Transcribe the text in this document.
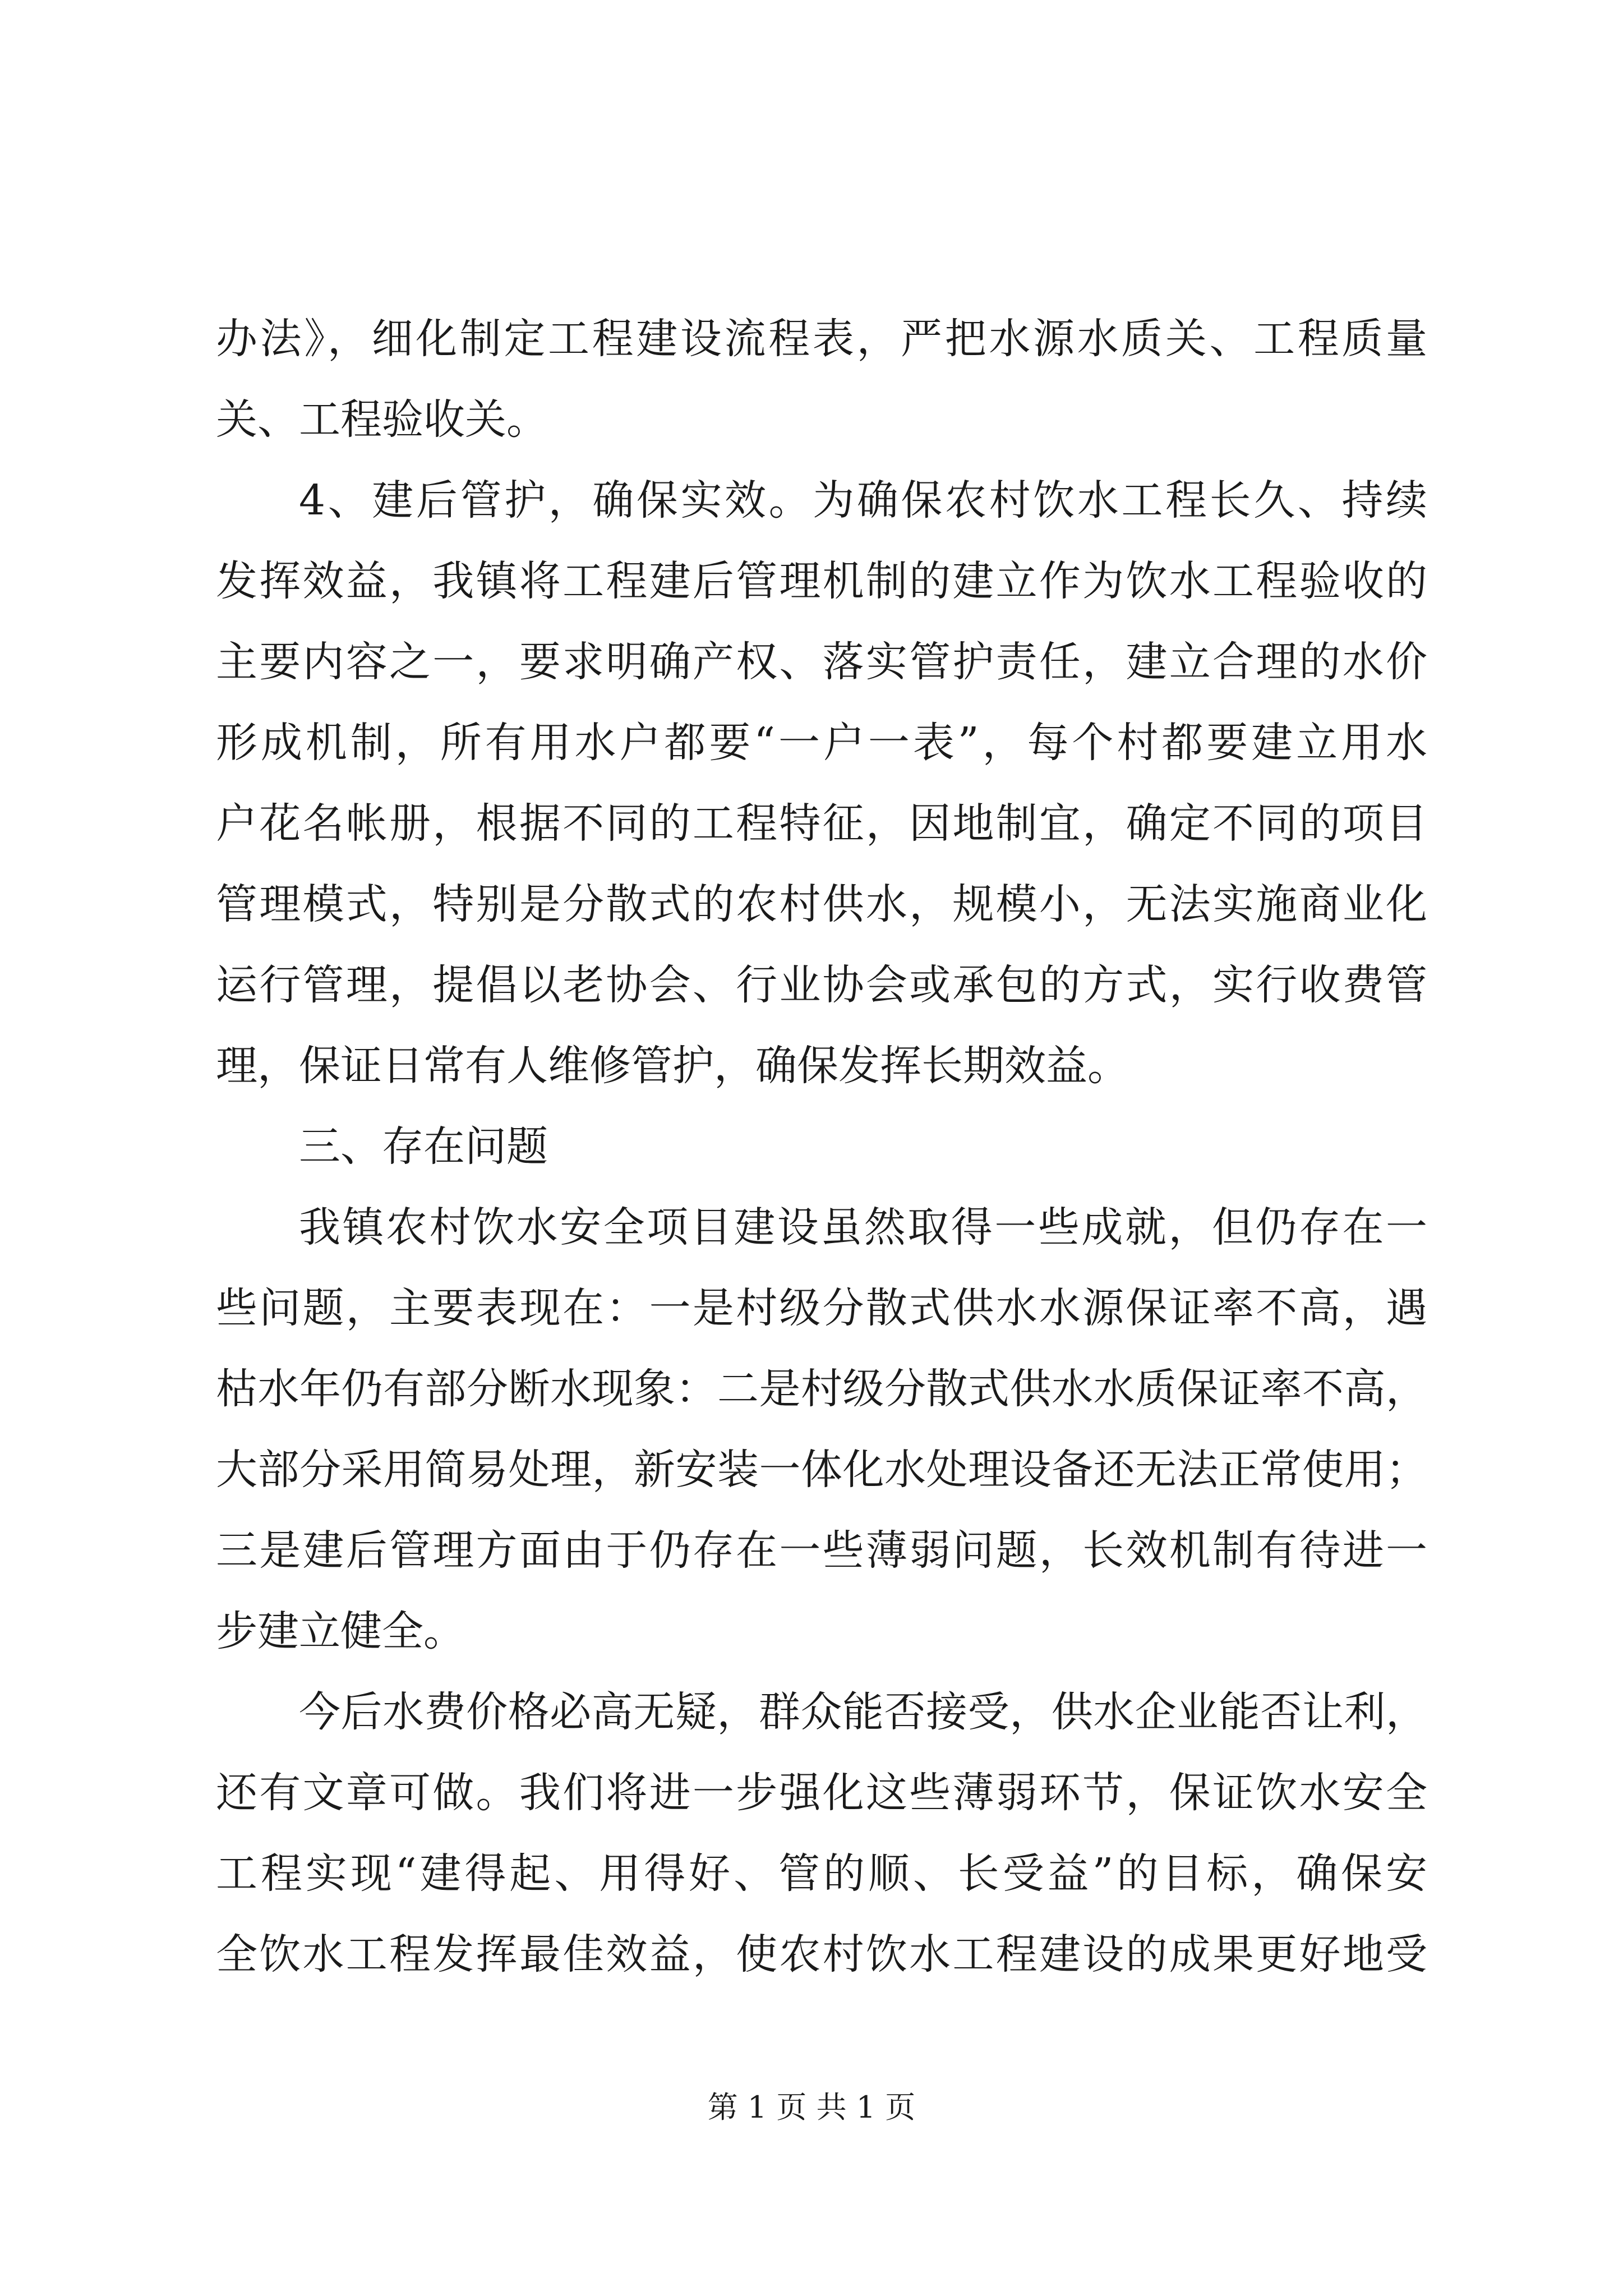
办法》，细化制定工程建设流程表，严把水源水质关、工程质量
关、工程验收关。
4、建后管护，确保实效。为确保农村饮水工程长久、持续
发挥效益，我镇将工程建后管理机制的建立作为饮水工程验收的
主要内容之一，要求明确产权、落实管护责任，建立合理的水价
形成机制，所有用水户都要“一户一表”，每个村都要建立用水
户花名帐册，根据不同的工程特征，因地制宜，确定不同的项目
管理模式，特别是分散式的农村供水，规模小，无法实施商业化
运行管理，提倡以老协会、行业协会或承包的方式，实行收费管
理，保证日常有人维修管护，确保发挥长期效益。
三、存在问题
我镇农村饮水安全项目建设虽然取得一些成就，但仍存在一
些问题，主要表现在：一是村级分散式供水水源保证率不高，遇
枯水年仍有部分断水现象：二是村级分散式供水水质保证率不高，
大部分采用简易处理，新安装一体化水处理设备还无法正常使用；
三是建后管理方面由于仍存在一些薄弱问题，长效机制有待进一
步建立健全。
今后水费价格必高无疑，群众能否接受，供水企业能否让利，
还有文章可做。我们将进一步强化这些薄弱环节，保证饮水安全
工程实现“建得起、用得好、管的顺、长受益”的目标，确保安
全饮水工程发挥最佳效益，使农村饮水工程建设的成果更好地受
第 1 页 共 1 页
